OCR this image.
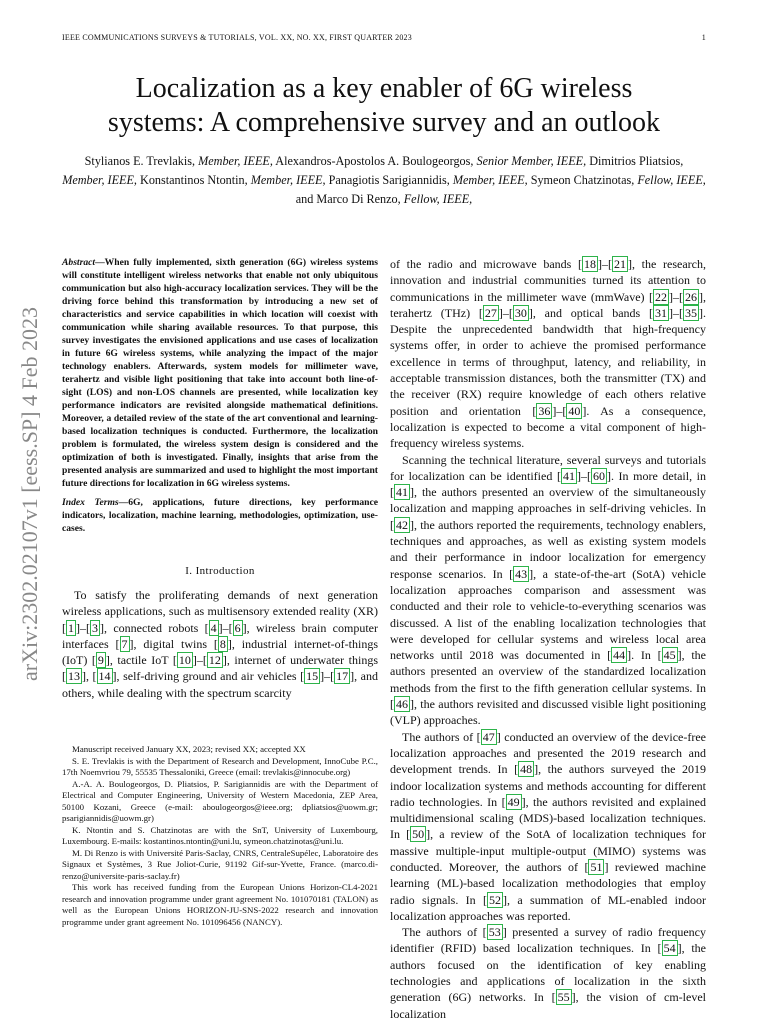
IEEE COMMUNICATIONS SURVEYS & TUTORIALS, VOL. XX, NO. XX, FIRST QUARTER 2023	1
arXiv:2302.02107v1 [eess.SP] 4 Feb 2023
Localization as a key enabler of 6G wireless
systems: A comprehensive survey and an outlook
Stylianos E. Trevlakis, Member, IEEE, Alexandros-Apostolos A. Boulogeorgos, Senior Member, IEEE, Dimitrios Pliatsios, Member, IEEE, Konstantinos Ntontin, Member, IEEE, Panagiotis Sarigiannidis, Member, IEEE, Symeon Chatzinotas, Fellow, IEEE, and Marco Di Renzo, Fellow, IEEE,
Abstract—When fully implemented, sixth generation (6G) wireless systems will constitute intelligent wireless networks that enable not only ubiquitous communication but also high-accuracy localization services. They will be the driving force behind this transformation by introducing a new set of characteristics and service capabilities in which location will coexist with communication while sharing available resources. To that purpose, this survey investigates the envisioned applications and use cases of localization in future 6G wireless systems, while analyzing the impact of the major technology enablers. Afterwards, system models for millimeter wave, terahertz and visible light positioning that take into account both line-of-sight (LOS) and non-LOS channels are presented, while localization key performance indicators are revisited alongside mathematical definitions. Moreover, a detailed review of the state of the art conventional and learning-based localization techniques is conducted. Furthermore, the localization problem is formulated, the wireless system design is considered and the optimization of both is investigated. Finally, insights that arise from the presented analysis are summarized and used to highlight the most important future directions for localization in 6G wireless systems.
Index Terms—6G, applications, future directions, key performance indicators, localization, machine learning, methodologies, optimization, use-cases.
I. Introduction

To satisfy the proliferating demands of next generation wireless applications, such as multisensory extended reality (XR) [ 1 ]–[ 3 ], connected robots [ 4 ]–[ 6 ], wireless brain computer interfaces [ 7 ], digital twins [ 8 ], industrial internet-of-things (IoT) [ 9 ], tactile IoT [ 10 ]–[ 12 ], internet of underwater things [ 13 ], [ 14 ], self-driving ground and air vehicles [ 15 ]–[ 17 ], and others, while dealing with the spectrum scarcity

Manuscript received January XX, 2023; revised XX; accepted XX

S. E. Trevlakis is with the Department of Research and Development, InnoCube P.C., 17th Noemvriou 79, 55535 Thessaloniki, Greece (email: trevlakis@innocube.org)

A.-A. A. Boulogeorgos, D. Pliatsios, P. Sarigiannidis are with the Department of Electrical and Computer Engineering, University of Western Macedonia, ZEP Area, 50100 Kozani, Greece (e-mail: aboulogeorgos@ieee.org; dpliatsios@uowm.gr; psarigiannidis@uowm.gr)

K. Ntontin and S. Chatzinotas are with the SnT, University of Luxembourg, Luxembourg. E-mails: kostantinos.ntontin@uni.lu, symeon.chatzinotas@uni.lu.

M. Di Renzo is with Université Paris-Saclay, CNRS, CentraleSupélec, Laboratoire des Signaux et Systèmes, 3 Rue Joliot-Curie, 91192 Gif-sur-Yvette, France. (marco.di-renzo@universite-paris-saclay.fr)

This work has received funding from the European Unions Horizon-CL4-2021 research and innovation programme under grant agreement No. 101070181 (TALON) as well as the European Unions HORIZON-JU-SNS-2022 research and innovation programme under grant agreement No. 101096456 (NANCY).

of the radio and microwave bands [ 18 ]–[ 21 ], the research, innovation and industrial communities turned its attention to communications in the millimeter wave (mmWave) [ 22 ]–[ 26 ], terahertz (THz) [ 27 ]–[ 30 ], and optical bands [ 31 ]–[ 35 ]. Despite the unprecedented bandwidth that high-frequency systems offer, in order to achieve the promised performance excellence in terms of throughput, latency, and reliability, in acceptable transmission distances, both the transmitter (TX) and the receiver (RX) require knowledge of each others relative position and orientation [ 36 ]–[ 40 ]. As a consequence, localization is expected to become a vital component of high-frequency wireless systems.

Scanning the technical literature, several surveys and tutorials for localization can be identified [ 41 ]–[ 60 ]. In more detail, in [ 41 ], the authors presented an overview of the simultaneously localization and mapping approaches in self-driving vehicles. In [ 42 ], the authors reported the requirements, technology enablers, techniques and approaches, as well as existing system models and their performance in indoor localization for emergency response scenarios. In [ 43 ], a state-of-the-art (SotA) vehicle localization approaches comparison and assessment was conducted and their role to vehicle-to-everything scenarios was discussed. A list of the enabling localization technologies that were developed for cellular systems and wireless local area networks until 2018 was documented in [ 44 ]. In [ 45 ], the authors presented an overview of the standardized localization methods from the first to the fifth generation cellular systems. In [ 46 ], the authors revisited and discussed visible light positioning (VLP) approaches.

The authors of [ 47 ] conducted an overview of the device-free localization approaches and presented the 2019 research and development trends. In [ 48 ], the authors surveyed the 2019 indoor localization systems and methods accounting for different radio technologies. In [ 49 ], the authors revisited and explained multidimensional scaling (MDS)-based localization techniques. In [ 50 ], a review of the SotA of localization techniques for massive multiple-input multiple-output (MIMO) systems was conducted. Moreover, the authors of [ 51 ] reviewed machine learning (ML)-based localization methodologies that employ radio signals. In [ 52 ], a summation of ML-enabled indoor localization approaches was reported.

The authors of [ 53 ] presented a survey of radio frequency identifier (RFID) based localization techniques. In [ 54 ], the authors focused on the identification of key enabling technologies and applications of localization in the sixth generation (6G) networks. In [ 55 ], the vision of cm-level localization
